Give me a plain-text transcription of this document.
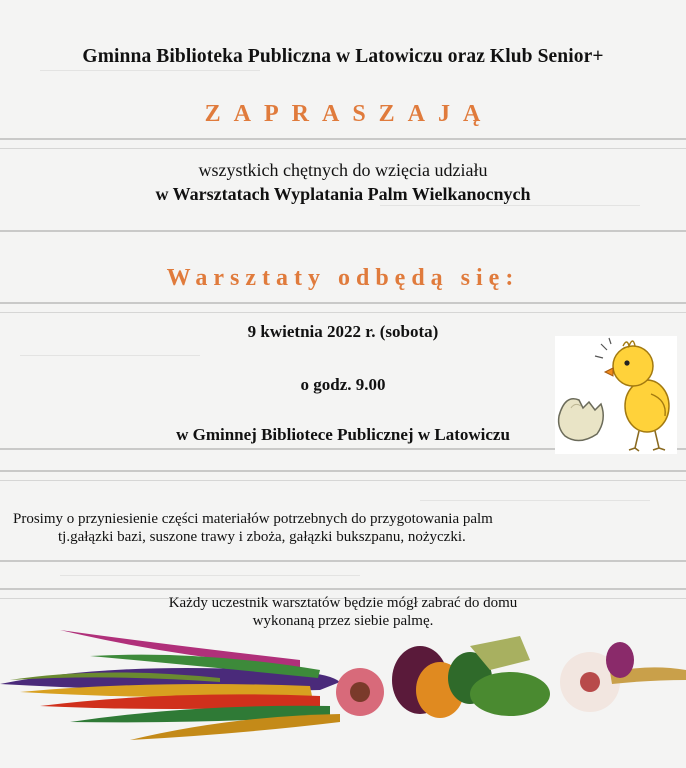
Gminna Biblioteka Publiczna w Latowiczu oraz Klub Senior+
ZAPRASZAJĄ
wszystkich chętnych do wzięcia udziału
w Warsztatach Wyplatania Palm Wielkanocnych
Warsztaty odbędą się:
9 kwietnia 2022 r. (sobota)
o godz. 9.00
w Gminnej Bibliotece Publicznej w Latowiczu
Prosimy o przyniesienie części materiałów potrzebnych do przygotowania palm
tj.gałązki bazi, suszone trawy i zboża, gałązki bukszpanu, nożyczki.
Każdy uczestnik warsztatów będzie mógł zabrać do domu
wykonaną przez siebie palmę.
